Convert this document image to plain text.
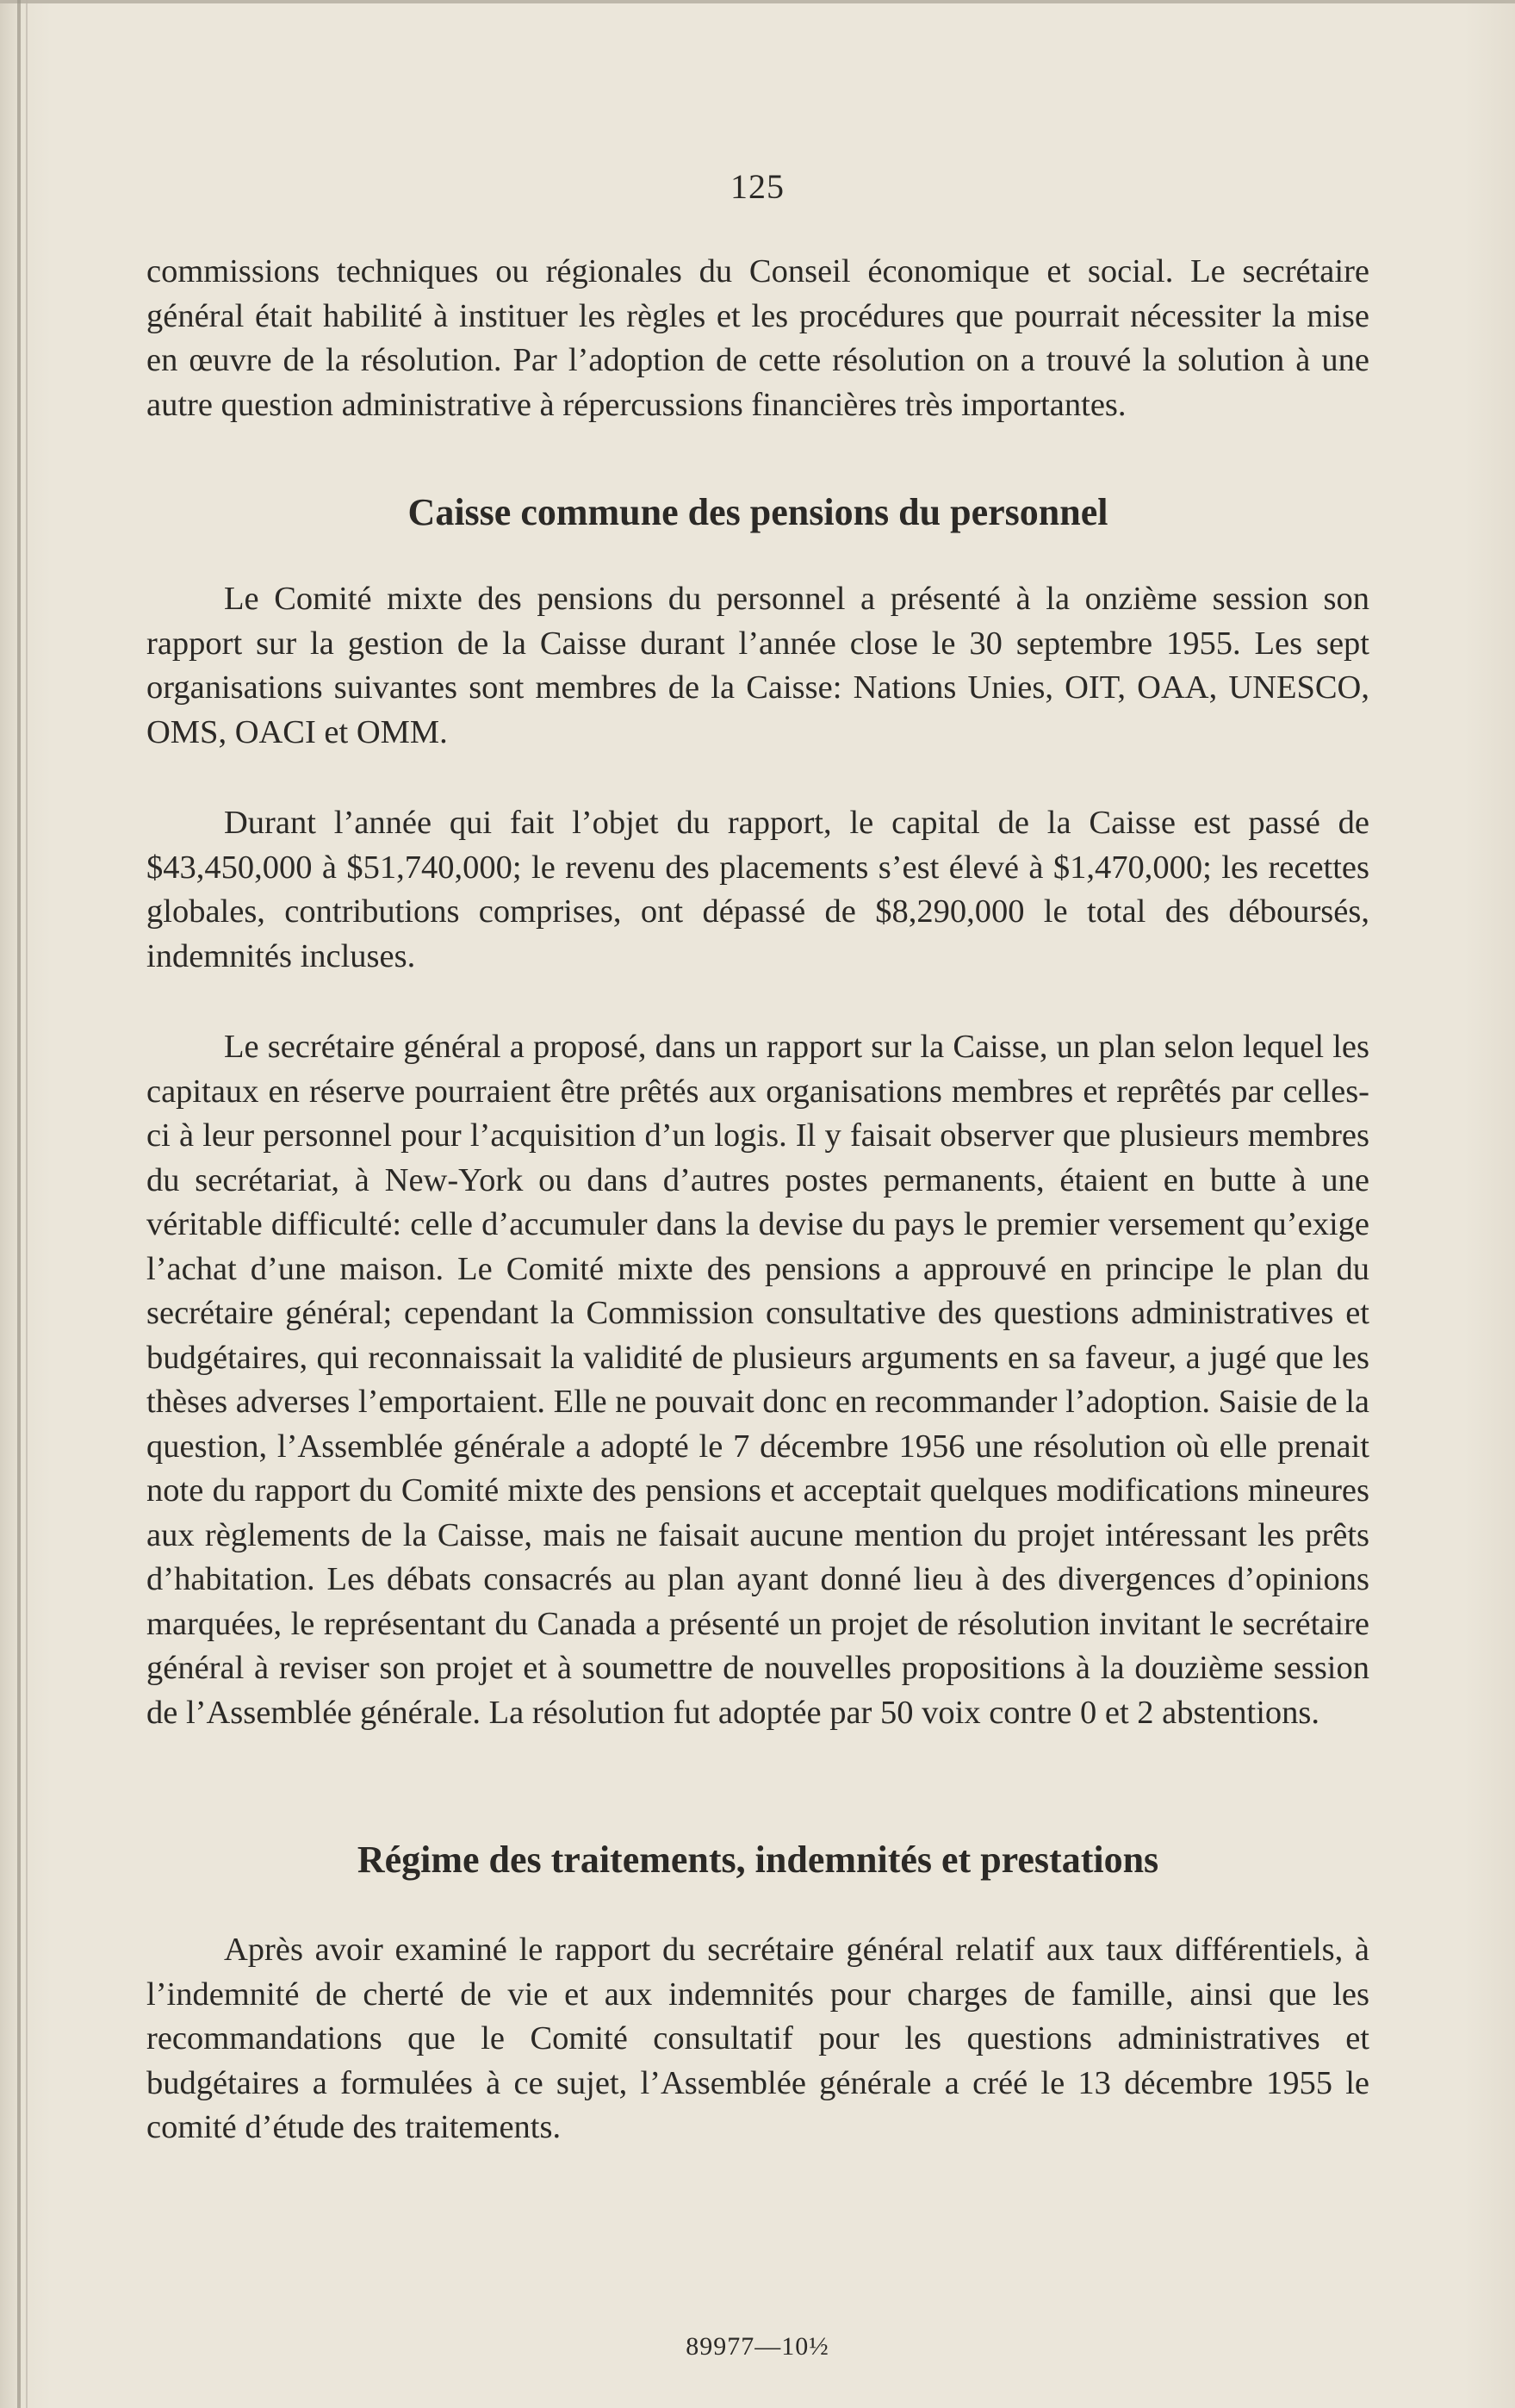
125

commissions techniques ou régionales du Conseil économique et social. Le secrétaire général était habilité à instituer les règles et les procédures que pourrait nécessiter la mise en œuvre de la résolution. Par l’adoption de cette résolution on a trouvé la solution à une autre question administrative à répercussions financières très importantes.

Caisse commune des pensions du personnel

Le Comité mixte des pensions du personnel a présenté à la onzième session son rapport sur la gestion de la Caisse durant l’année close le 30 septembre 1955. Les sept organisations suivantes sont membres de la Caisse: Nations Unies, OIT, OAA, UNESCO, OMS, OACI et OMM.

Durant l’année qui fait l’objet du rapport, le capital de la Caisse est passé de $43,450,000 à $51,740,000; le revenu des placements s’est élevé à $1,470,000; les recettes globales, contributions comprises, ont dépassé de $8,290,000 le total des déboursés, indemnités incluses.

Le secrétaire général a proposé, dans un rapport sur la Caisse, un plan selon lequel les capitaux en réserve pourraient être prêtés aux organisations membres et reprêtés par celles-ci à leur personnel pour l’acquisition d’un logis. Il y faisait observer que plusieurs membres du secrétariat, à New-York ou dans d’autres postes permanents, étaient en butte à une véritable difficulté: celle d’accumuler dans la devise du pays le premier versement qu’exige l’achat d’une maison. Le Comité mixte des pensions a approuvé en principe le plan du secrétaire général; cependant la Commission consultative des questions administratives et budgétaires, qui reconnaissait la validité de plusieurs arguments en sa faveur, a jugé que les thèses adverses l’emportaient. Elle ne pouvait donc en recommander l’adoption. Saisie de la question, l’Assemblée générale a adopté le 7 décembre 1956 une résolution où elle prenait note du rapport du Comité mixte des pensions et acceptait quelques modifications mineures aux règlements de la Caisse, mais ne faisait aucune mention du projet intéressant les prêts d’habitation. Les débats consacrés au plan ayant donné lieu à des divergences d’opinions marquées, le représentant du Canada a présenté un projet de résolution invitant le secrétaire général à reviser son projet et à soumettre de nouvelles propositions à la douzième session de l’Assemblée générale. La résolution fut adoptée par 50 voix contre 0 et 2 abstentions.

Régime des traitements, indemnités et prestations

Après avoir examiné le rapport du secrétaire général relatif aux taux différentiels, à l’indemnité de cherté de vie et aux indemnités pour charges de famille, ainsi que les recommandations que le Comité consultatif pour les questions administratives et budgétaires a formulées à ce sujet, l’Assemblée générale a créé le 13 décembre 1955 le comité d’étude des traitements.

89977—10½
